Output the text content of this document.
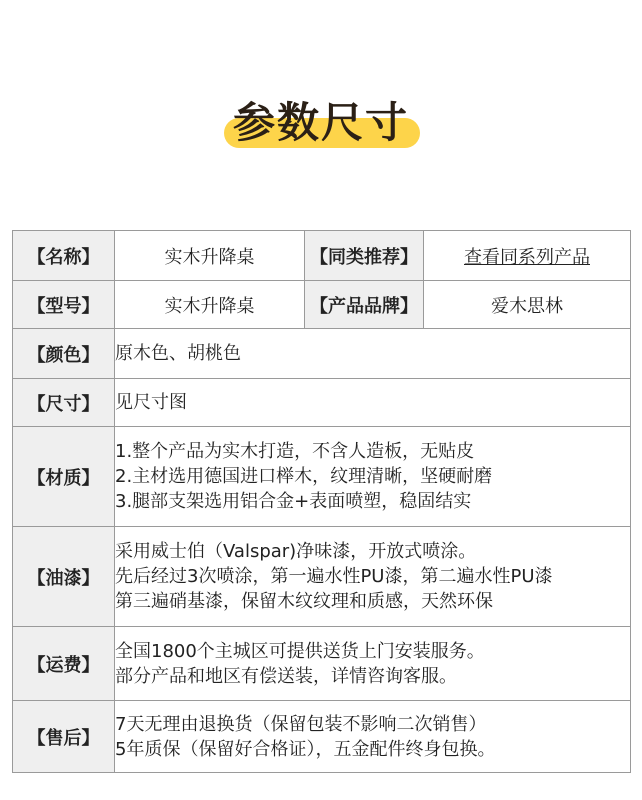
参数尺寸
【名称】	实木升降桌	【同类推荐】	查看同系列产品
【型号】	实木升降桌	【产品品牌】	爱木思林
【颜色】	原木色、胡桃色		
【尺寸】	见尺寸图		
【材质】	1.整个产品为实木打造，不含人造板，无贴皮
2.主材选用德国进口榉木，纹理清晰，坚硬耐磨
3.腿部支架选用铝合金+表面喷塑，稳固结实		

【油漆】	采用威士伯（Valspar)净味漆，开放式喷涂。
先后经过3次喷涂，第一遍水性PU漆，第二遍水性PU漆
第三遍硝基漆，保留木纹纹理和质感，天然环保		

【运费】	全国1800个主城区可提供送货上门安装服务。
部分产品和地区有偿送装，详情咨询客服。		

【售后】	7天无理由退换货（保留包装不影响二次销售）
5年质保（保留好合格证），五金配件终身包换。		
